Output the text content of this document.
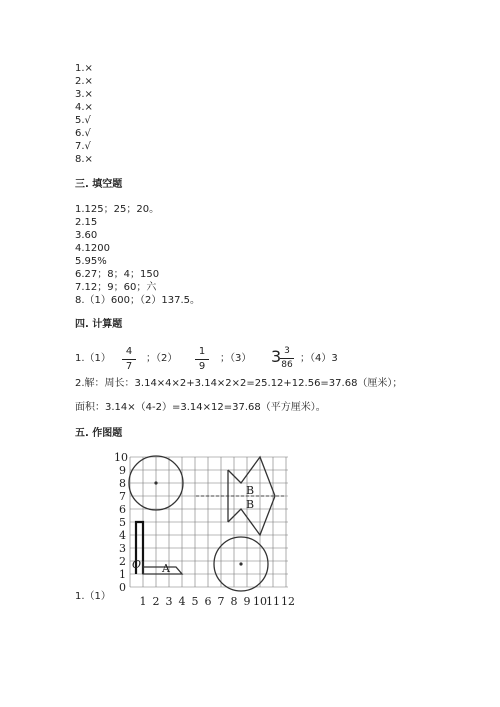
1.×
2.×
3.×
4.×
5.√
6.√
7.√
8.×
三. 填空题
1.125；25；20。
2.15
3.60
4.1200
5.95%
6.27；8；4；150
7.12；9；60；六
8.（1）600；（2）137.5。
四. 计算题
1.（1）
4
7
；（2）
1
9
；（3） 3 3
86
；（4）3
2.解：周长：3.14×4×2+3.14×2×2=25.12+12.56=37.68（厘米）；
面积：3.14×（4-2）=3.14×12=37.68（平方厘米）。
五. 作图题
1.（1）
0
1
2
3
4
5
6
7
8
9
10
1 2 3 4 5 6 7 8 9 10 11 12
B
B
A
O
